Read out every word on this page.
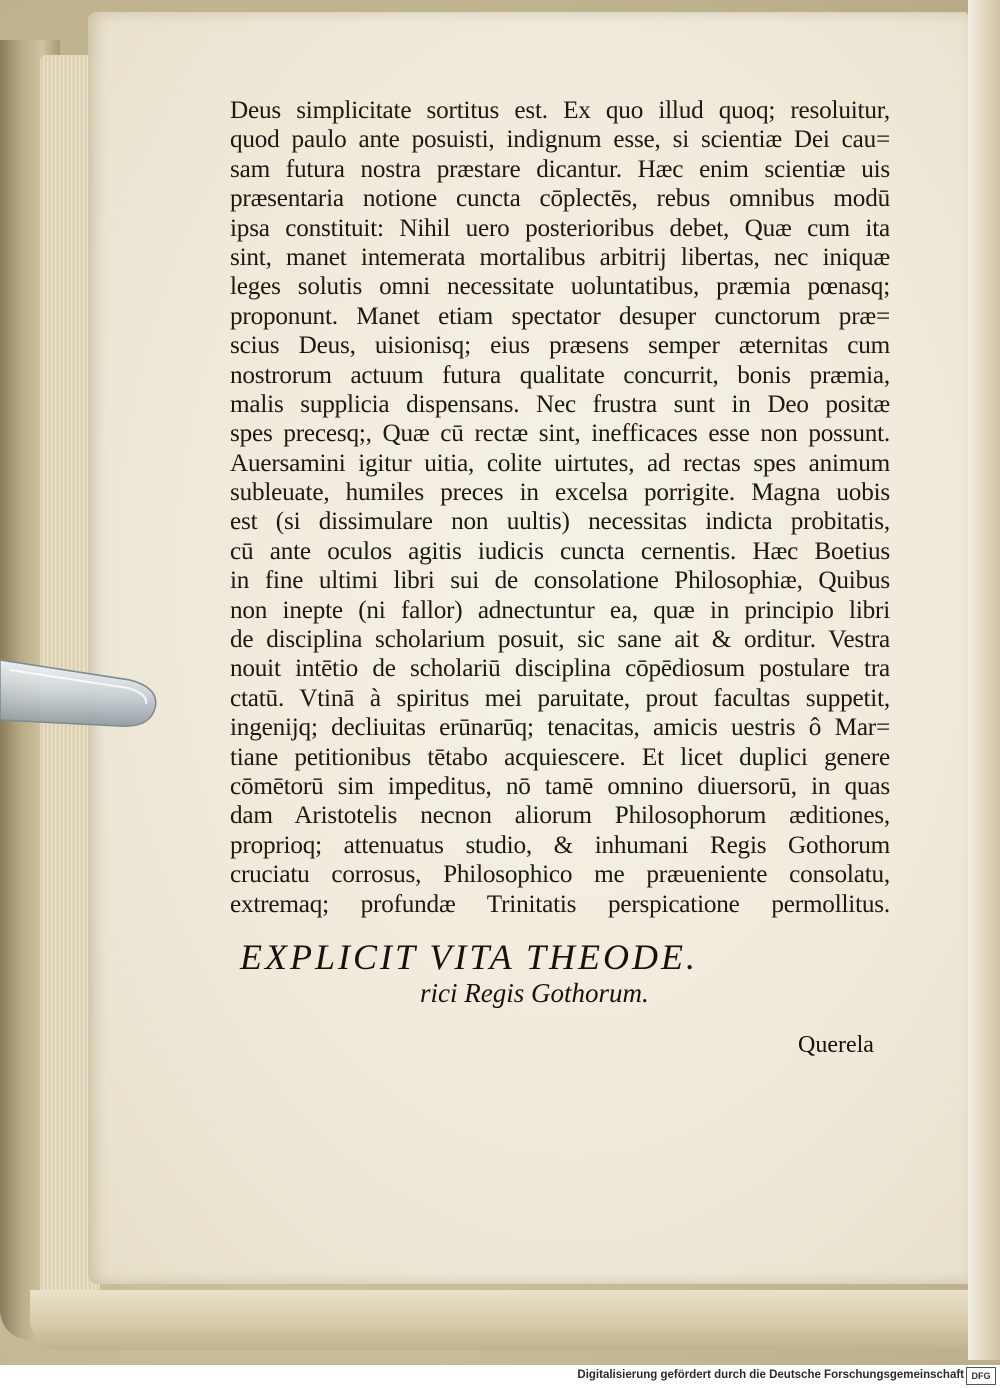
Deus simplicitate sortitus est. Ex quo illud quoq; resoluitur,
quod paulo ante posuisti, indignum esse, si scientiæ Dei cau=
sam futura nostra præstare dicantur. Hæc enim scientiæ uis
præsentaria notione cuncta cōplectēs, rebus omnibus modū
ipsa constituit: Nihil uero posterioribus debet, Quæ cum ita
sint, manet intemerata mortalibus arbitrij libertas, nec iniquæ
leges solutis omni necessitate uoluntatibus, præmia pœnasq;
proponunt. Manet etiam spectator desuper cunctorum præ=
scius Deus, uisionisq; eius præsens semper æternitas cum
nostrorum actuum futura qualitate concurrit, bonis præmia,
malis supplicia dispensans. Nec frustra sunt in Deo positæ
spes precesq;, Quæ cū rectæ sint, inefficaces esse non possunt.
Auersamini igitur uitia, colite uirtutes, ad rectas spes animum
subleuate, humiles preces in excelsa porrigite. Magna uobis
est (si dissimulare non uultis) necessitas indicta probitatis,
cū ante oculos agitis iudicis cuncta cernentis. Hæc Boetius
in fine ultimi libri sui de consolatione Philosophiæ, Quibus
non inepte (ni fallor) adnectuntur ea, quæ in principio libri
de disciplina scholarium posuit, sic sane ait & orditur. Vestra
nouit intētio de scholariū disciplina cōpēdiosum postulare tra
ctatū. Vtinā à spiritus mei paruitate, prout facultas suppetit,
ingenijq; decliuitas erūnarūq; tenacitas, amicis uestris ô Mar=
tiane petitionibus tētabo acquiescere. Et licet duplici genere
cōmētorū sim impeditus, nō tamē omnino diuersorū, in quas
dam Aristotelis necnon aliorum Philosophorum æditiones,
proprioq; attenuatus studio, & inhumani Regis Gothorum
cruciatu corrosus, Philosophico me præueniente consolatu,
extremaq; profundæ Trinitatis perspicatione permollitus.
EXPLICIT VITA THEODE.
rici Regis Gothorum.
Querela
Digitalisierung gefördert durch die Deutsche Forschungsgemeinschaft DFG
